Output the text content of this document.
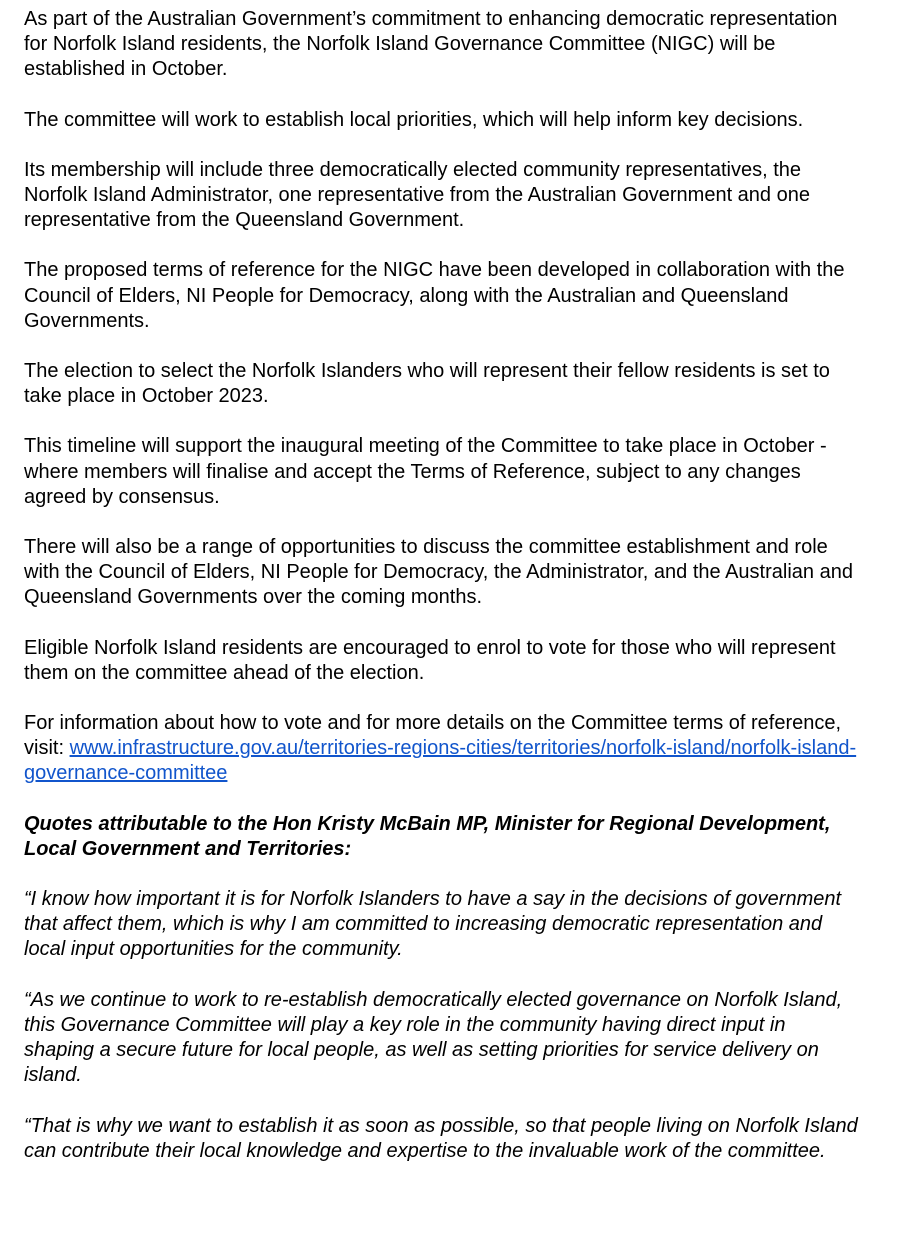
As part of the Australian Government’s commitment to enhancing democratic representation for Norfolk Island residents, the Norfolk Island Governance Committee (NIGC) will be established in October.

The committee will work to establish local priorities, which will help inform key decisions.

Its membership will include three democratically elected community representatives, the Norfolk Island Administrator, one representative from the Australian Government and one representative from the Queensland Government.

The proposed terms of reference for the NIGC have been developed in collaboration with the Council of Elders, NI People for Democracy, along with the Australian and Queensland Governments.

The election to select the Norfolk Islanders who will represent their fellow residents is set to take place in October 2023.

This timeline will support the inaugural meeting of the Committee to take place in October - where members will finalise and accept the Terms of Reference, subject to any changes agreed by consensus.

There will also be a range of opportunities to discuss the committee establishment and role with the Council of Elders, NI People for Democracy, the Administrator, and the Australian and Queensland Governments over the coming months.

Eligible Norfolk Island residents are encouraged to enrol to vote for those who will represent them on the committee ahead of the election.

For information about how to vote and for more details on the Committee terms of reference, visit: www.infrastructure.gov.au/territories-regions-cities/territories/norfolk-island/norfolk-island-governance-committee

Quotes attributable to the Hon Kristy McBain MP, Minister for Regional Development, Local Government and Territories:

“I know how important it is for Norfolk Islanders to have a say in the decisions of government that affect them, which is why I am committed to increasing democratic representation and local input opportunities for the community.

“As we continue to work to re-establish democratically elected governance on Norfolk Island, this Governance Committee will play a key role in the community having direct input in shaping a secure future for local people, as well as setting priorities for service delivery on island.

“That is why we want to establish it as soon as possible, so that people living on Norfolk Island can contribute their local knowledge and expertise to the invaluable work of the committee.
